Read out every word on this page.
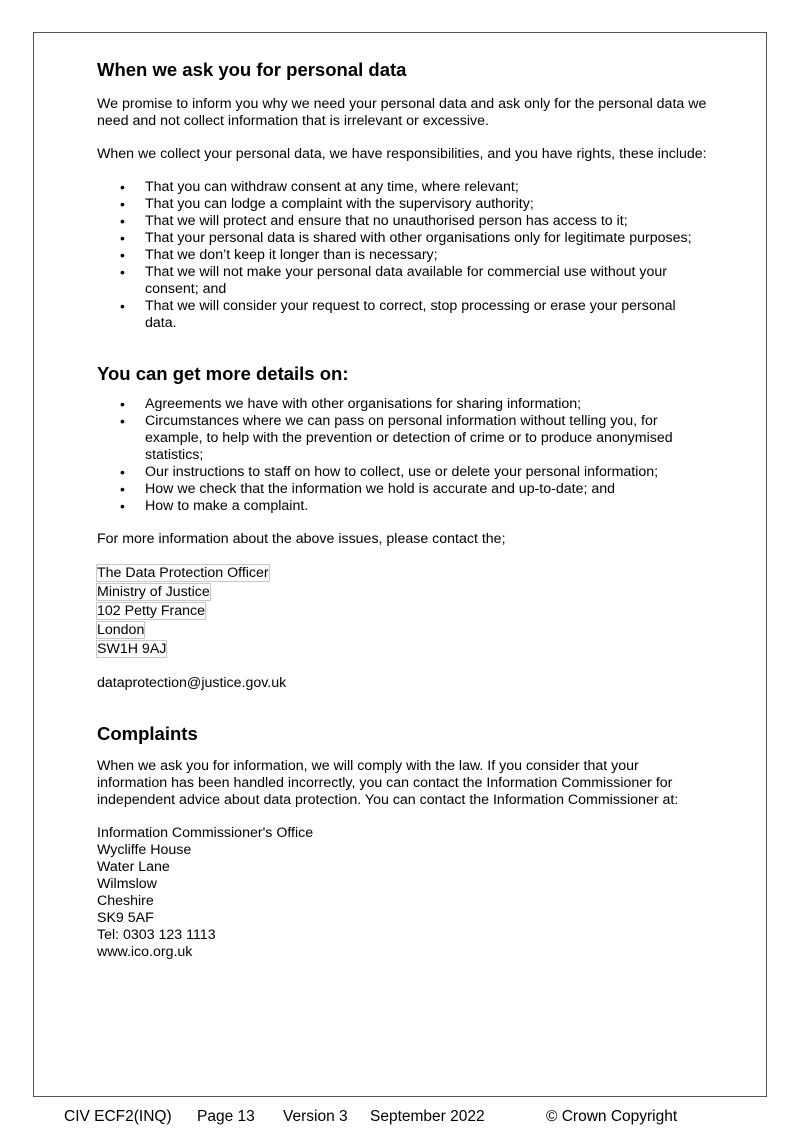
When we ask you for personal data

We promise to inform you why we need your personal data and ask only for the personal data we need and not collect information that is irrelevant or excessive.

When we collect your personal data, we have responsibilities, and you have rights, these include:

• That you can withdraw consent at any time, where relevant;
• That you can lodge a complaint with the supervisory authority;
• That we will protect and ensure that no unauthorised person has access to it;
• That your personal data is shared with other organisations only for legitimate purposes;
• That we don’t keep it longer than is necessary;
• That we will not make your personal data available for commercial use without your consent; and
• That we will consider your request to correct, stop processing or erase your personal data.
You can get more details on:
• Agreements we have with other organisations for sharing information;
• Circumstances where we can pass on personal information without telling you, for example, to help with the prevention or detection of crime or to produce anonymised statistics;
• Our instructions to staff on how to collect, use or delete your personal information;
• How we check that the information we hold is accurate and up-to-date; and
• How to make a complaint.

For more information about the above issues, please contact the;

The Data Protection Officer
Ministry of Justice
102 Petty France
London
SW1H 9AJ

dataprotection@justice.gov.uk

Complaints

When we ask you for information, we will comply with the law. If you consider that your information has been handled incorrectly, you can contact the Information Commissioner for independent advice about data protection. You can contact the Information Commissioner at:

Information Commissioner's Office
Wycliffe House
Water Lane
Wilmslow
Cheshire
SK9 5AF
Tel: 0303 123 1113
www.ico.org.uk
CIV ECF2(INQ) Page 13 Version 3 September 2022	© Crown Copyright
